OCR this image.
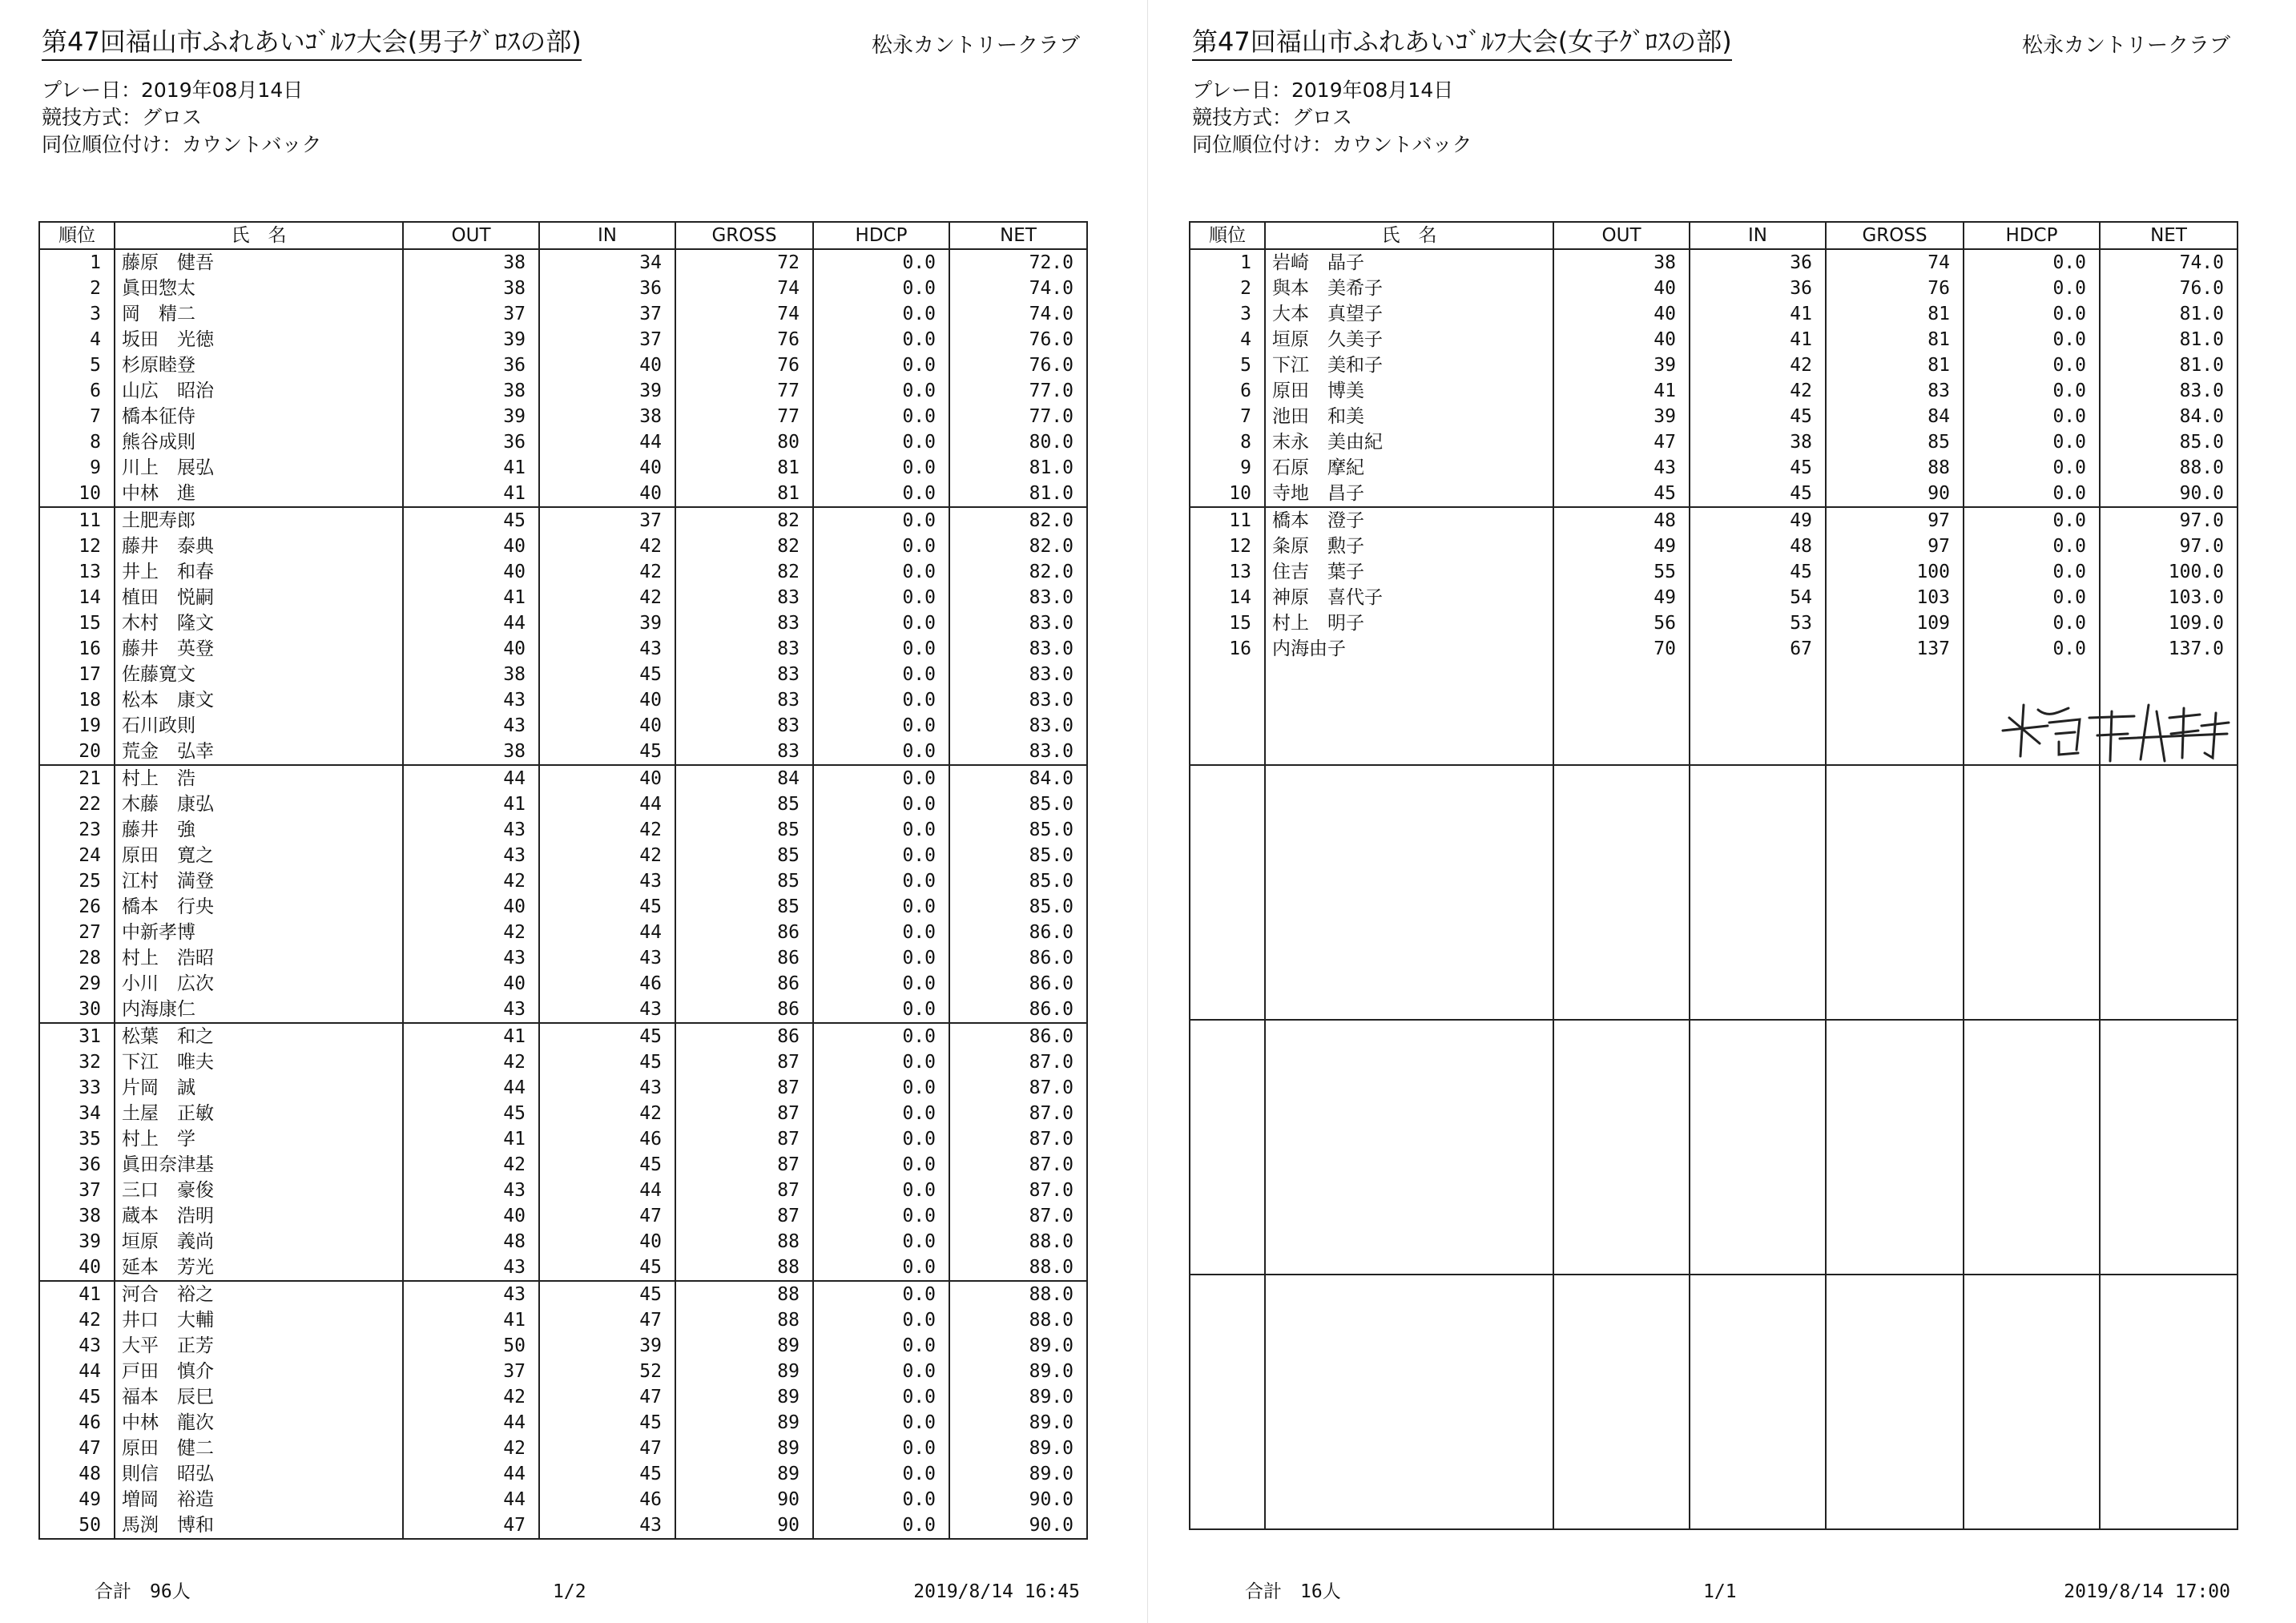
第47回福山市ふれあいｺﾞﾙﾌ大会(男子ｸﾞﾛｽの部)	松永カントリークラブ
プレー日：2019年08月14日
競技方式：グロス
同位順位付け：カウントバック
順位	氏　名	OUT	IN	GROSS	HDCP	NET
1	藤原　健吾	38	34	72	0.0	72.0
2	眞田惣太	38	36	74	0.0	74.0
3	岡　精二	37	37	74	0.0	74.0
4	坂田　光徳	39	37	76	0.0	76.0
5	杉原睦登	36	40	76	0.0	76.0
6	山広　昭治	38	39	77	0.0	77.0
7	橋本征侍	39	38	77	0.0	77.0
8	熊谷成則	36	44	80	0.0	80.0
9	川上　展弘	41	40	81	0.0	81.0
10	中林　進	41	40	81	0.0	81.0
11	土肥寿郎	45	37	82	0.0	82.0
12	藤井　泰典	40	42	82	0.0	82.0
13	井上　和春	40	42	82	0.0	82.0
14	植田　悦嗣	41	42	83	0.0	83.0
15	木村　隆文	44	39	83	0.0	83.0
16	藤井　英登	40	43	83	0.0	83.0
17	佐藤寛文	38	45	83	0.0	83.0
18	松本　康文	43	40	83	0.0	83.0
19	石川政則	43	40	83	0.0	83.0
20	荒金　弘幸	38	45	83	0.0	83.0
21	村上　浩	44	40	84	0.0	84.0
22	木藤　康弘	41	44	85	0.0	85.0
23	藤井　強	43	42	85	0.0	85.0
24	原田　寛之	43	42	85	0.0	85.0
25	江村　満登	42	43	85	0.0	85.0
26	橋本　行央	40	45	85	0.0	85.0
27	中新孝博	42	44	86	0.0	86.0
28	村上　浩昭	43	43	86	0.0	86.0
29	小川　広次	40	46	86	0.0	86.0
30	内海康仁	43	43	86	0.0	86.0
31	松葉　和之	41	45	86	0.0	86.0
32	下江　唯夫	42	45	87	0.0	87.0
33	片岡　誠	44	43	87	0.0	87.0
34	土屋　正敏	45	42	87	0.0	87.0
35	村上　学	41	46	87	0.0	87.0
36	眞田奈津基	42	45	87	0.0	87.0
37	三口　豪俊	43	44	87	0.0	87.0
38	蔵本　浩明	40	47	87	0.0	87.0
39	垣原　義尚	48	40	88	0.0	88.0
40	延本　芳光	43	45	88	0.0	88.0
41	河合　裕之	43	45	88	0.0	88.0
42	井口　大輔	41	47	88	0.0	88.0
43	大平　正芳	50	39	89	0.0	89.0
44	戸田　慎介	37	52	89	0.0	89.0
45	福本　辰巳	42	47	89	0.0	89.0
46	中林　龍次	44	45	89	0.0	89.0
47	原田　健二	42	47	89	0.0	89.0
48	則信　昭弘	44	45	89	0.0	89.0
49	増岡　裕造	44	46	90	0.0	90.0
50	馬渕　博和	47	43	90	0.0	90.0
合計　96人	1/2	2019/8/14 16:45
第47回福山市ふれあいｺﾞﾙﾌ大会(女子ｸﾞﾛｽの部)	松永カントリークラブ
プレー日：2019年08月14日
競技方式：グロス
同位順位付け：カウントバック
順位	氏　名	OUT	IN	GROSS	HDCP	NET
1	岩崎　晶子	38	36	74	0.0	74.0
2	與本　美希子	40	36	76	0.0	76.0
3	大本　真望子	40	41	81	0.0	81.0
4	垣原　久美子	40	41	81	0.0	81.0
5	下江　美和子	39	42	81	0.0	81.0
6	原田　博美	41	42	83	0.0	83.0
7	池田　和美	39	45	84	0.0	84.0
8	末永　美由紀	47	38	85	0.0	85.0
9	石原　摩紀	43	45	88	0.0	88.0
10	寺地　昌子	45	45	90	0.0	90.0
11	橋本　澄子	48	49	97	0.0	97.0
12	粂原　勲子	49	48	97	0.0	97.0
13	住吉　葉子	55	45	100	0.0	100.0
14	神原　喜代子	49	54	103	0.0	103.0
15	村上　明子	56	53	109	0.0	109.0
16	内海由子	70	67	137	0.0	137.0

合計　16人	1/1	2019/8/14 17:00
